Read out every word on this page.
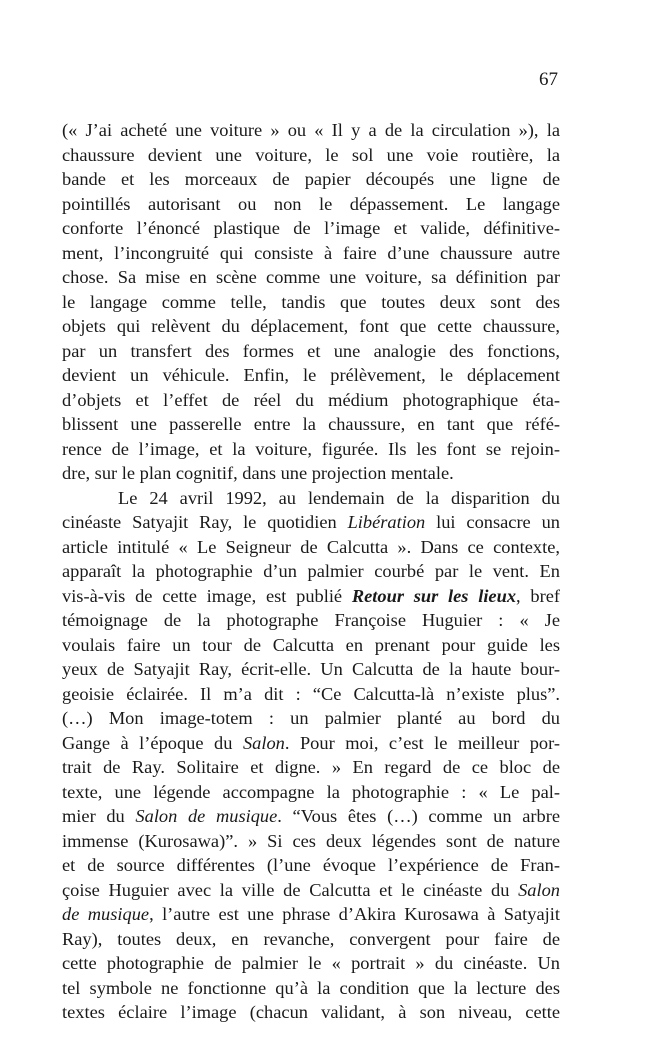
67
(« J’ai acheté une voiture » ou « Il y a de la circulation »), la
chaussure devient une voiture, le sol une voie routière, la
bande et les morceaux de papier découpés une ligne de
pointillés autorisant ou non le dépassement. Le langage
conforte l’énoncé plastique de l’image et valide, définitive-
ment, l’incongruité qui consiste à faire d’une chaussure autre
chose. Sa mise en scène comme une voiture, sa définition par
le langage comme telle, tandis que toutes deux sont des
objets qui relèvent du déplacement, font que cette chaussure,
par un transfert des formes et une analogie des fonctions,
devient un véhicule. Enfin, le prélèvement, le déplacement
d’objets et l’effet de réel du médium photographique éta-
blissent une passerelle entre la chaussure, en tant que réfé-
rence de l’image, et la voiture, figurée. Ils les font se rejoin-
dre, sur le plan cognitif, dans une projection mentale.
Le 24 avril 1992, au lendemain de la disparition du
cinéaste Satyajit Ray, le quotidien Libération lui consacre un
article intitulé « Le Seigneur de Calcutta ». Dans ce contexte,
apparaît la photographie d’un palmier courbé par le vent. En
vis-à-vis de cette image, est publié Retour sur les lieux, bref
témoignage de la photographe Françoise Huguier : « Je
voulais faire un tour de Calcutta en prenant pour guide les
yeux de Satyajit Ray, écrit-elle. Un Calcutta de la haute bour-
geoisie éclairée. Il m’a dit : “Ce Calcutta-là n’existe plus”.
(…) Mon image-totem : un palmier planté au bord du
Gange à l’époque du Salon. Pour moi, c’est le meilleur por-
trait de Ray. Solitaire et digne. » En regard de ce bloc de
texte, une légende accompagne la photographie : « Le pal-
mier du Salon de musique. “Vous êtes (…) comme un arbre
immense (Kurosawa)”. » Si ces deux légendes sont de nature
et de source différentes (l’une évoque l’expérience de Fran-
çoise Huguier avec la ville de Calcutta et le cinéaste du Salon
de musique, l’autre est une phrase d’Akira Kurosawa à Satyajit
Ray), toutes deux, en revanche, convergent pour faire de
cette photographie de palmier le « portrait » du cinéaste. Un
tel symbole ne fonctionne qu’à la condition que la lecture des
textes éclaire l’image (chacun validant, à son niveau, cette
